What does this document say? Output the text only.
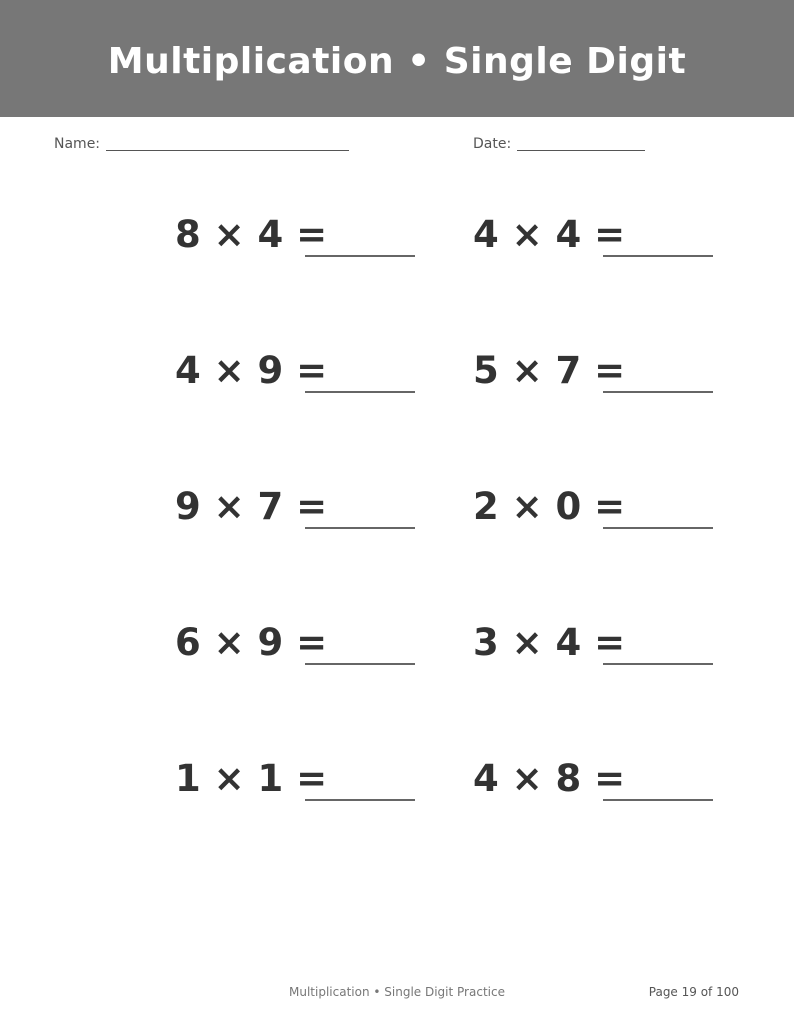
Multiplication • Single Digit
Name:	Date:
8 × 4 =	4 × 4 =
4 × 9 =	5 × 7 =
9 × 7 =	2 × 0 =
6 × 9 =	3 × 4 =
1 × 1 =	4 × 8 =
Multiplication • Single Digit Practice	Page 19 of 100
